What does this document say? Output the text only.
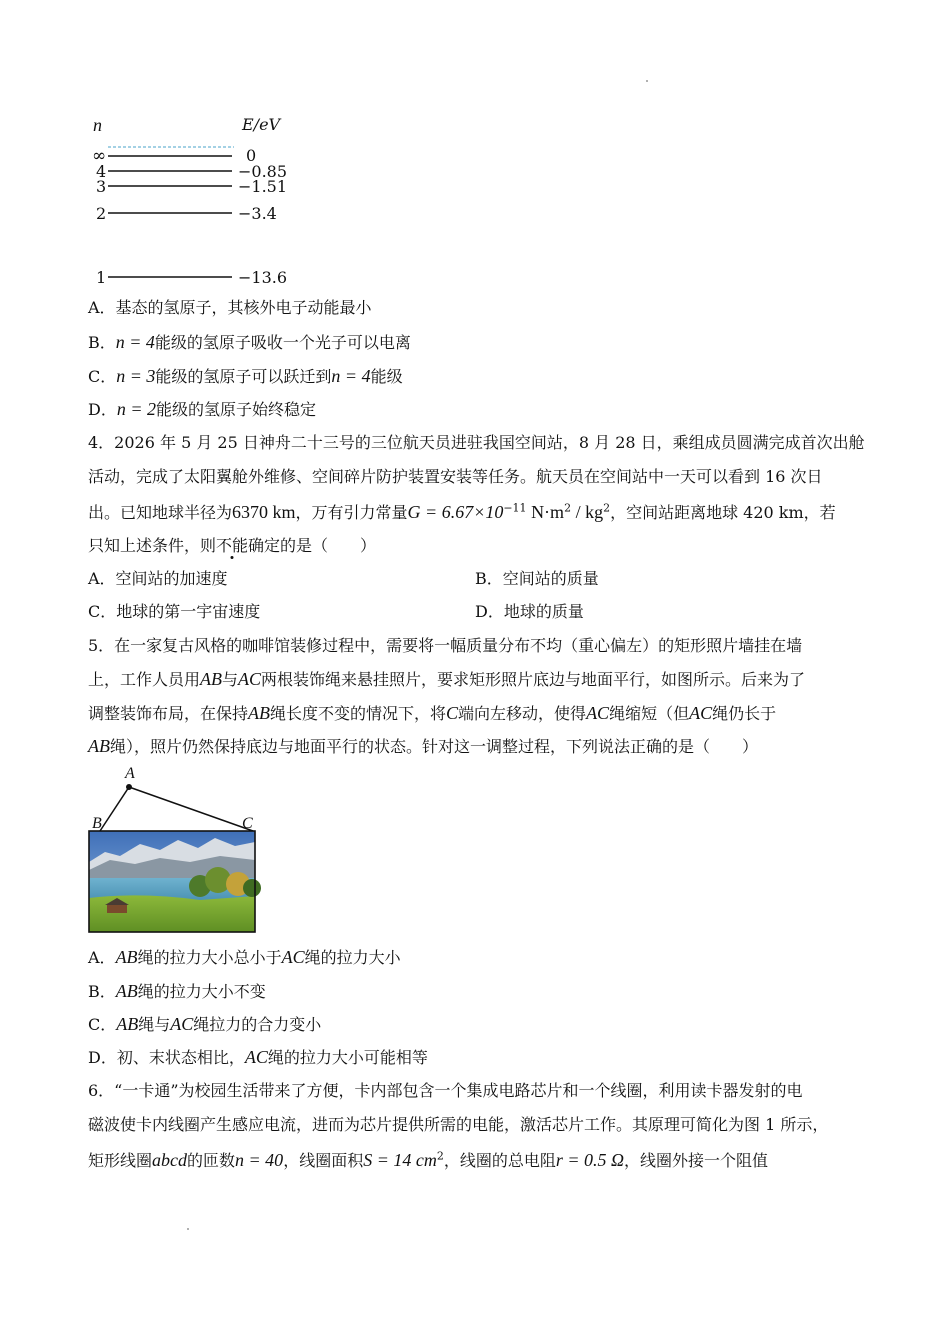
n	E/eV
∞	0
4	−0.85
3	−1.51
2	−3.4
1	−13.6
A．基态的氢原子，其核外电子动能最小
B．n = 4能级的氢原子吸收一个光子可以电离
C．n = 3能级的氢原子可以跃迁到n = 4能级
D．n = 2能级的氢原子始终稳定
4．2026 年 5 月 25 日神舟二十三号的三位航天员进驻我国空间站，8 月 28 日，乘组成员圆满完成首次出舱
活动，完成了太阳翼舱外维修、空间碎片防护装置安装等任务。航天员在空间站中一天可以看到 16 次日
出。已知地球半径为6370 km，万有引力常量$G = 6.67\times 10^{-11}$ $N\cdot m^2 / kg^2$，空间站距离地球 420 km，若
只知上述条件，则不能确定的是（　　）
A．空间站的加速度	B．空间站的质量
C．地球的第一宇宙速度	D．地球的质量
5．在一家复古风格的咖啡馆装修过程中，需要将一幅质量分布不均（重心偏左）的矩形照片墙挂在墙
上，工作人员用AB与AC两根装饰绳来悬挂照片，要求矩形照片底边与地面平行，如图所示。后来为了
调整装饰布局，在保持AB绳长度不变的情况下，将C端向左移动，使得AC绳缩短（但AC绳仍长于
AB绳），照片仍然保持底边与地面平行的状态。针对这一调整过程，下列说法正确的是（　　）
A
B	C
A．AB绳的拉力大小总小于AC绳的拉力大小
B．AB绳的拉力大小不变
C．AB绳与AC绳拉力的合力变小
D．初、末状态相比，AC绳的拉力大小可能相等
6．“一卡通”为校园生活带来了方便，卡内部包含一个集成电路芯片和一个线圈，利用读卡器发射的电
磁波使卡内线圈产生感应电流，进而为芯片提供所需的电能，激活芯片工作。其原理可简化为图 1 所示，
矩形线圈abcd的匝数n = 40，线圈面积S = 14 $cm^2$，线圈的总电阻r = 0.5 Ω，线圈外接一个阻值
